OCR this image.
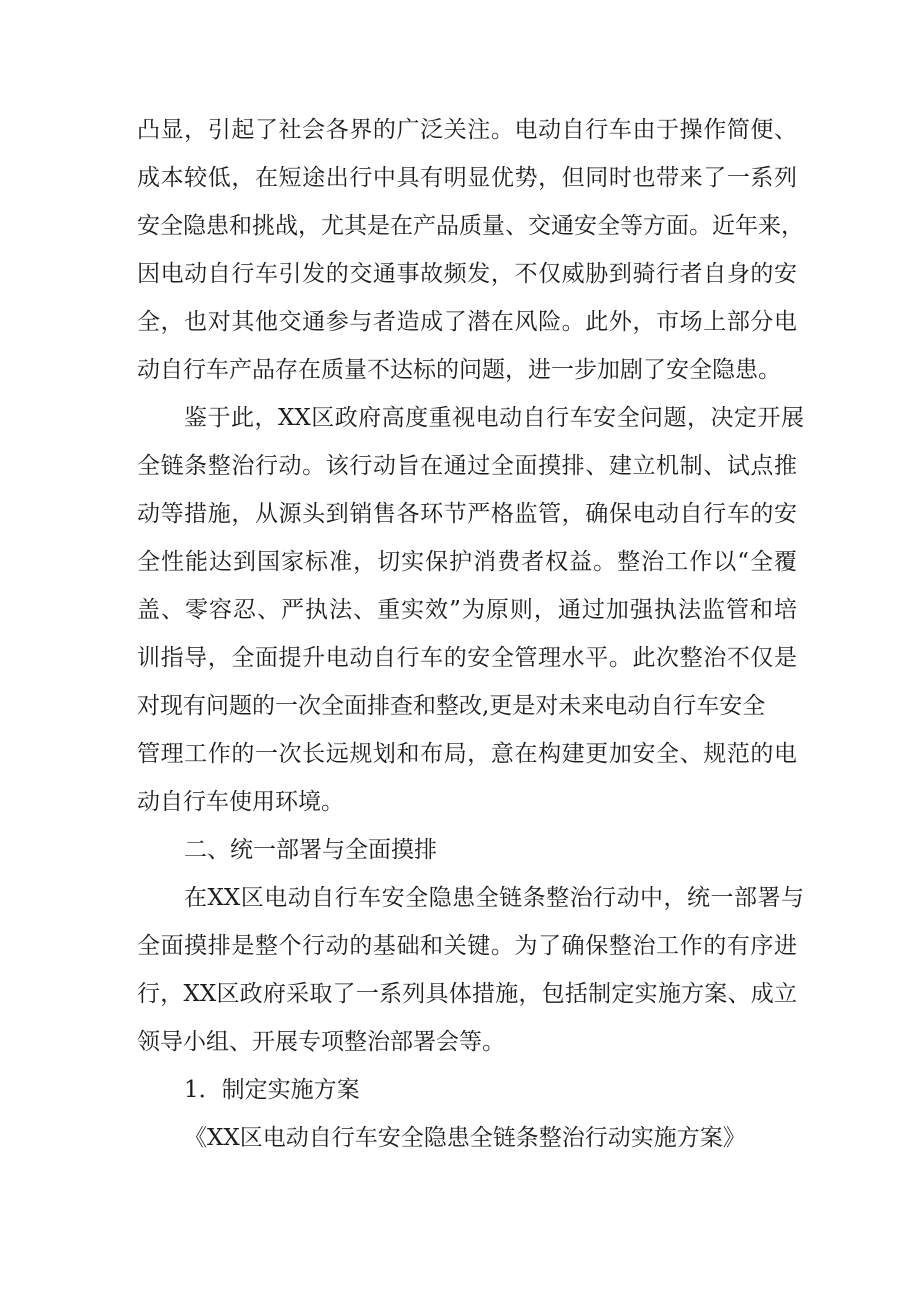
凸显，引起了社会各界的广泛关注。电动自行车由于操作简便、
成本较低，在短途出行中具有明显优势，但同时也带来了一系列
安全隐患和挑战，尤其是在产品质量、交通安全等方面。近年来，
因电动自行车引发的交通事故频发，不仅威胁到骑行者自身的安
全，也对其他交通参与者造成了潜在风险。此外，市场上部分电
动自行车产品存在质量不达标的问题，进一步加剧了安全隐患。
鉴于此，XX区政府高度重视电动自行车安全问题，决定开展
全链条整治行动。该行动旨在通过全面摸排、建立机制、试点推
动等措施，从源头到销售各环节严格监管，确保电动自行车的安
全性能达到国家标准，切实保护消费者权益。整治工作以“全覆
盖、零容忍、严执法、重实效”为原则，通过加强执法监管和培
训指导，全面提升电动自行车的安全管理水平。此次整治不仅是
对现有问题的一次全面排查和整改,更是对未来电动自行车安全
管理工作的一次长远规划和布局，意在构建更加安全、规范的电
动自行车使用环境。
二、统一部署与全面摸排
在XX区电动自行车安全隐患全链条整治行动中，统一部署与
全面摸排是整个行动的基础和关键。为了确保整治工作的有序进
行，XX区政府采取了一系列具体措施，包括制定实施方案、成立
领导小组、开展专项整治部署会等。
1．制定实施方案
《XX区电动自行车安全隐患全链条整治行动实施方案》
